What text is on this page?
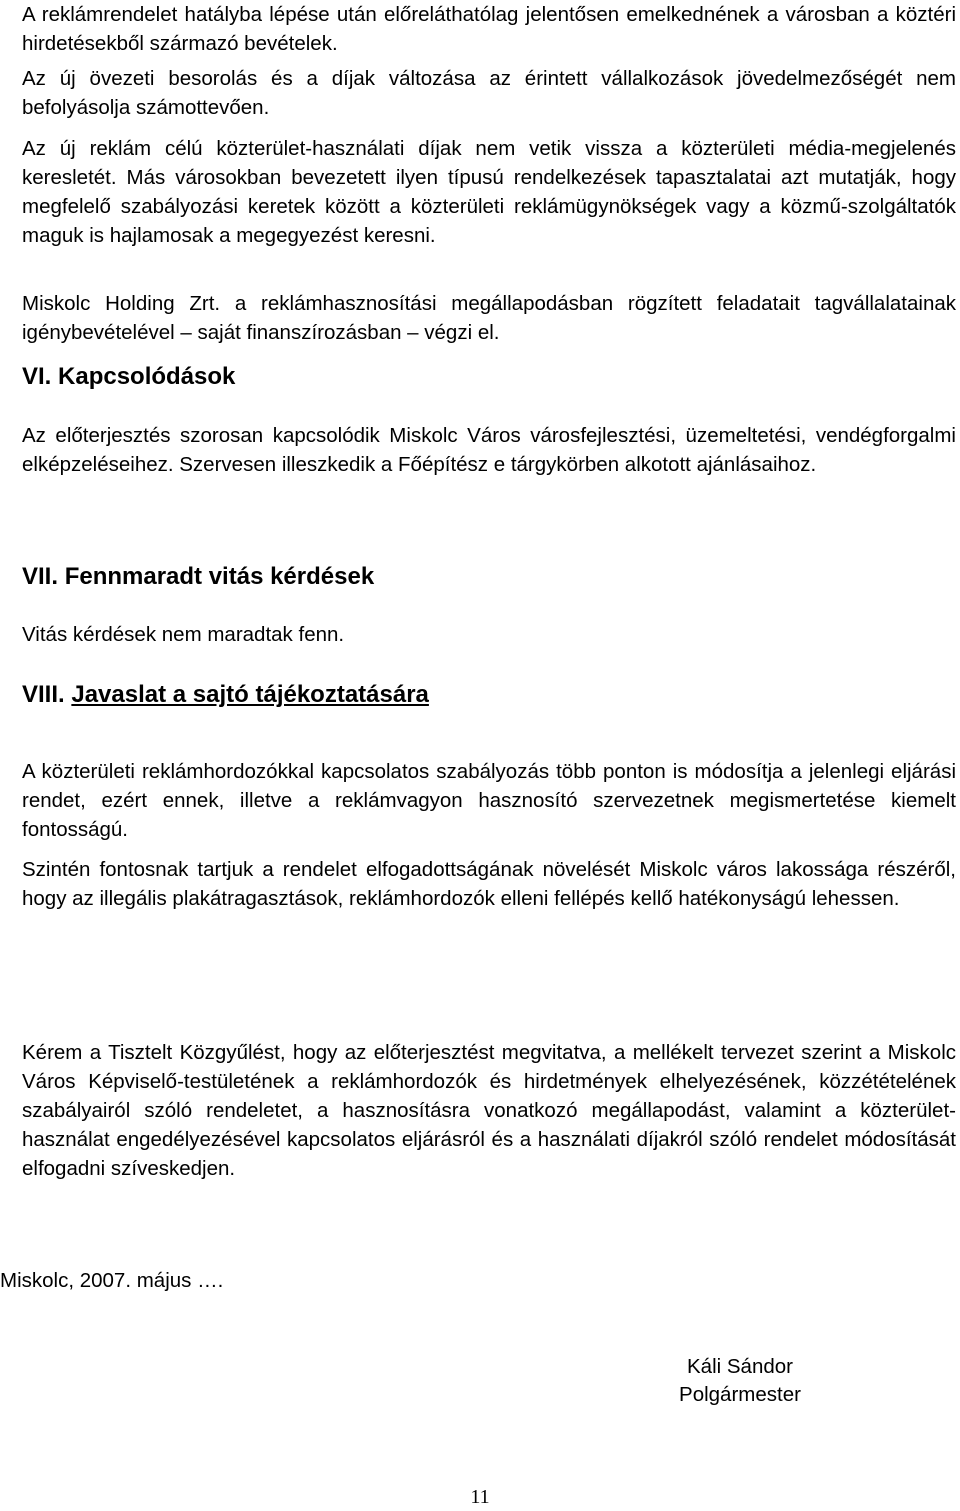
A reklámrendelet hatályba lépése után előreláthatólag jelentősen emelkednének a városban a köztéri hirdetésekből származó bevételek.

Az új övezeti besorolás és a díjak változása az érintett vállalkozások jövedelmezőségét nem befolyásolja számottevően.

Az új reklám célú közterület-használati díjak nem vetik vissza a közterületi média-megjelenés keresletét. Más városokban bevezetett ilyen típusú rendelkezések tapasztalatai azt mutatják, hogy megfelelő szabályozási keretek között a közterületi reklámügynökségek vagy a közmű-szolgáltatók maguk is hajlamosak a megegyezést keresni.

Miskolc Holding Zrt. a reklámhasznosítási megállapodásban rögzített feladatait tagvállalatainak igénybevételével – saját finanszírozásban – végzi el.

VI. Kapcsolódások

Az előterjesztés szorosan kapcsolódik Miskolc Város városfejlesztési, üzemeltetési, vendégforgalmi elképzeléseihez. Szervesen illeszkedik a Főépítész e tárgykörben alkotott ajánlásaihoz.

VII. Fennmaradt vitás kérdések

Vitás kérdések nem maradtak fenn.

VIII. Javaslat a sajtó tájékoztatására

A közterületi reklámhordozókkal kapcsolatos szabályozás több ponton is módosítja a jelenlegi eljárási rendet, ezért ennek, illetve a reklámvagyon hasznosító szervezetnek megismertetése kiemelt fontosságú.

Szintén fontosnak tartjuk a rendelet elfogadottságának növelését Miskolc város lakossága részéről, hogy az illegális plakátragasztások, reklámhordozók elleni fellépés kellő hatékonyságú lehessen.

Kérem a Tisztelt Közgyűlést, hogy az előterjesztést megvitatva, a mellékelt tervezet szerint a Miskolc Város Képviselő-testületének a reklámhordozók és hirdetmények elhelyezésének, közzétételének szabályairól szóló rendeletet, a hasznosításra vonatkozó megállapodást, valamint a közterület-használat engedélyezésével kapcsolatos eljárásról és a használati díjakról szóló rendelet módosítását elfogadni szíveskedjen.

Miskolc, 2007. május ….

Káli Sándor
Polgármester
11
